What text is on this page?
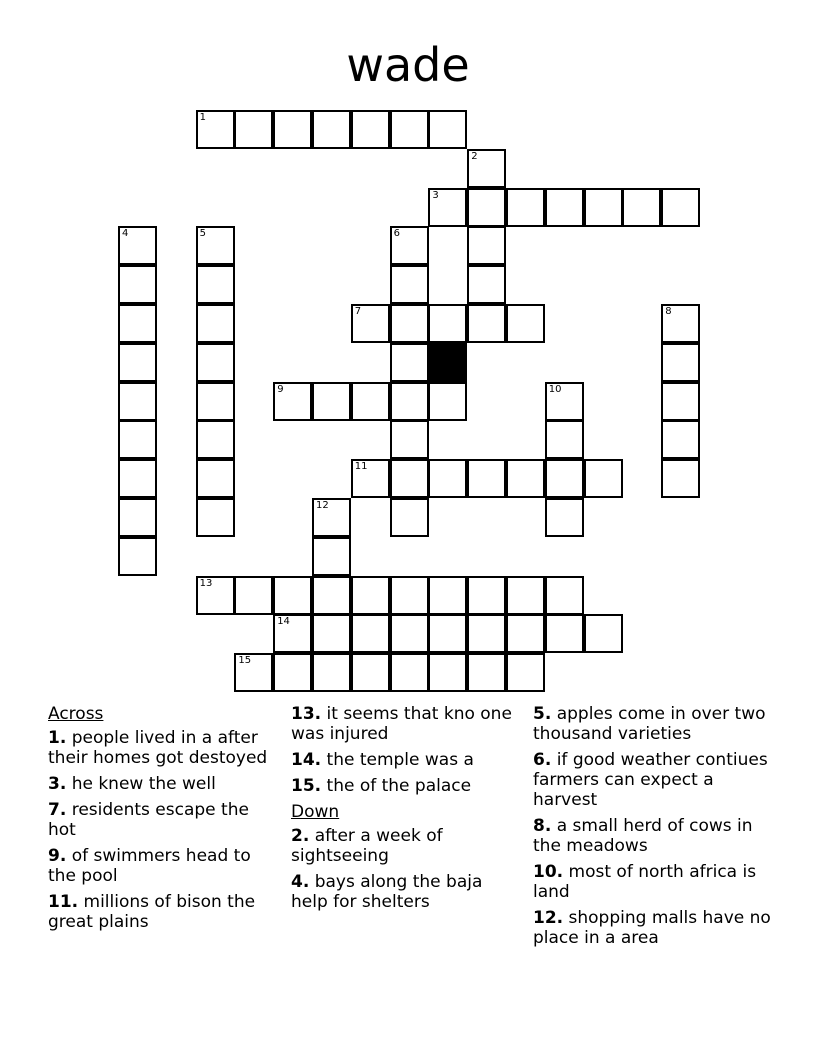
wade
1
2
3
4	5	6
7	8
9	10
11
12
13
14
15
Across
1. people lived in a after their homes got destoyed
3. he knew the well
7. residents escape the hot
9. of swimmers head to the pool
11. millions of bison the great plains
13. it seems that kno one was injured
14. the temple was a
15. the of the palace
Down
2. after a week of sightseeing
4. bays along the baja help for shelters
5. apples come in over two thousand varieties
6. if good weather contiues farmers can expect a harvest
8. a small herd of cows in the meadows
10. most of north africa is land
12. shopping malls have no place in a area
